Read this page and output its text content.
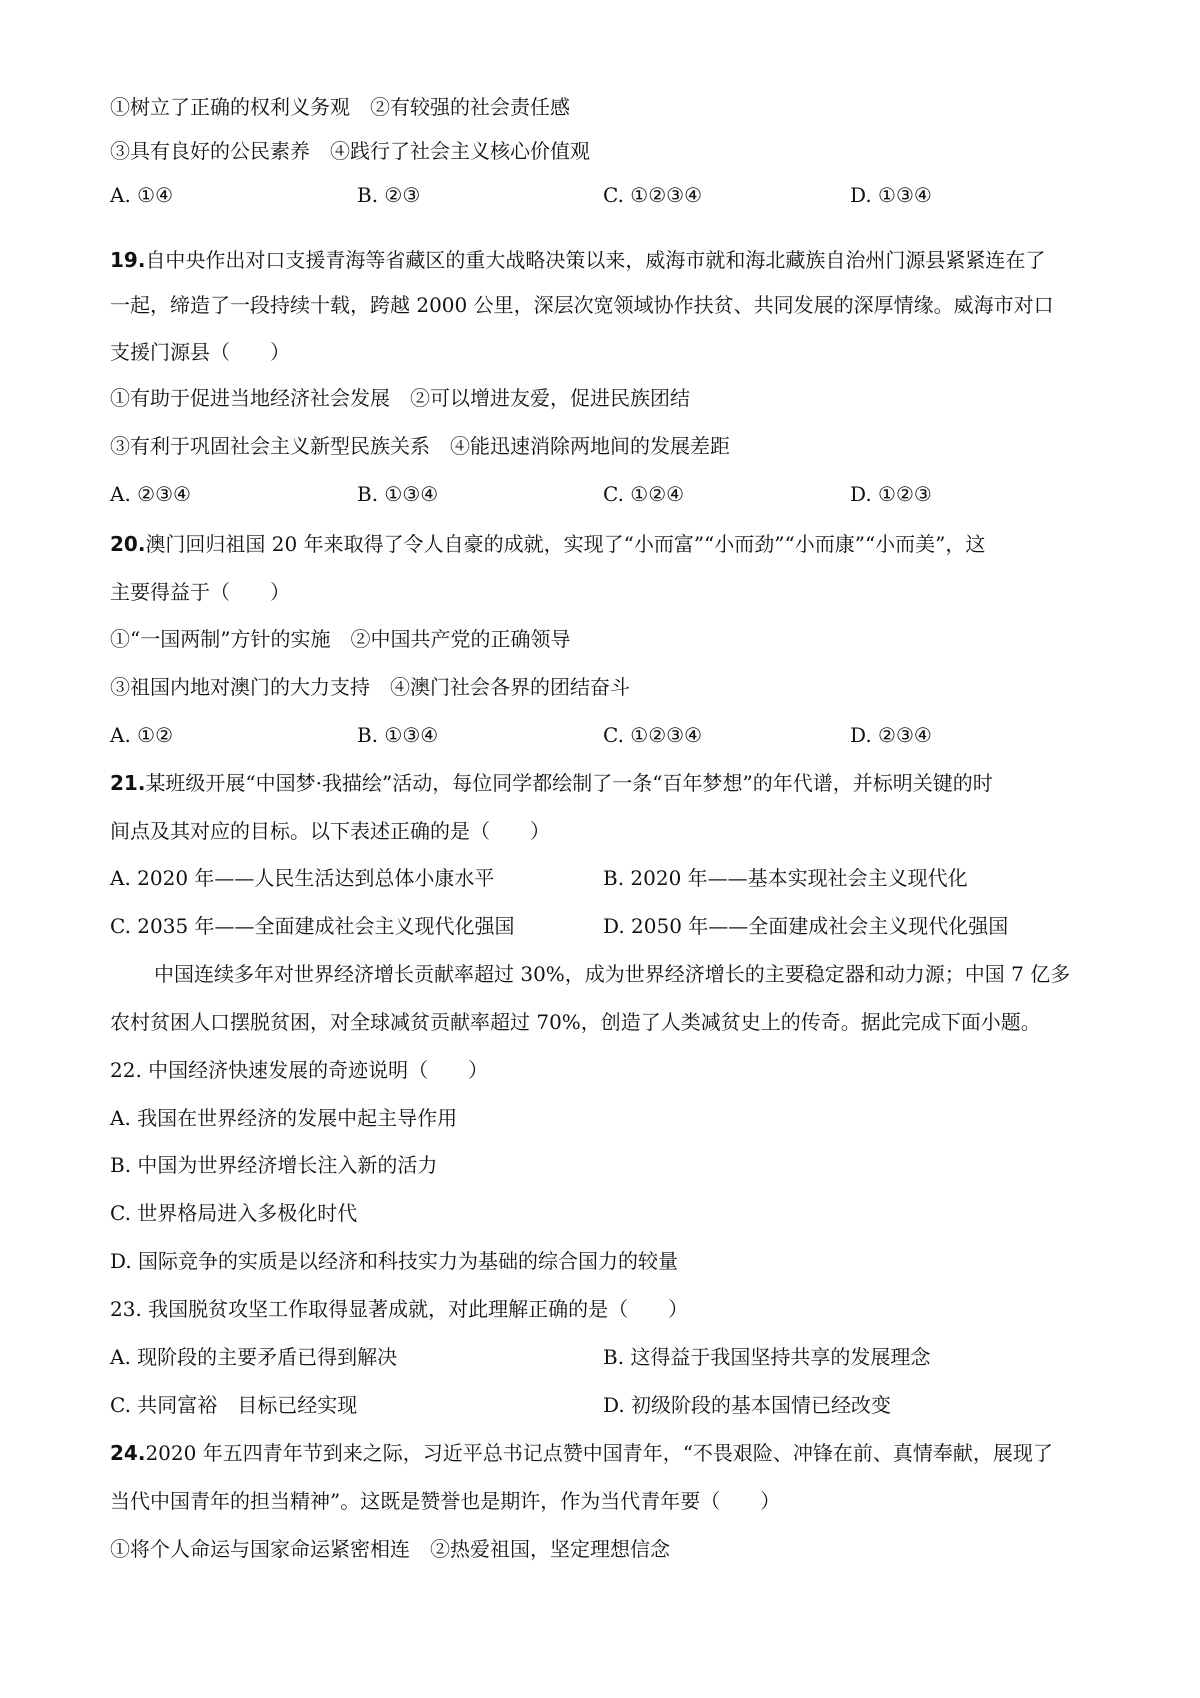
①树立了正确的权利义务观　②有较强的社会责任感
③具有良好的公民素养　④践行了社会主义核心价值观
A. ①④	B. ②③	C. ①②③④	D. ①③④
19.自中央作出对口支援青海等省藏区的重大战略决策以来，威海市就和海北藏族自治州门源县紧紧连在了
一起，缔造了一段持续十载，跨越 2000 公里，深层次宽领域协作扶贫、共同发展的深厚情缘。威海市对口
支援门源县（　　）
①有助于促进当地经济社会发展　②可以增进友爱，促进民族团结
③有利于巩固社会主义新型民族关系　④能迅速消除两地间的发展差距
A. ②③④	B. ①③④	C. ①②④	D. ①②③
20.澳门回归祖国 20 年来取得了令人自豪的成就，实现了“小而富”“小而劲”“小而康”“小而美”，这
主要得益于（　　）
①“一国两制”方针的实施　②中国共产党的正确领导
③祖国内地对澳门的大力支持　④澳门社会各界的团结奋斗
A. ①②	B. ①③④	C. ①②③④	D. ②③④
21.某班级开展“中国梦·我描绘”活动，每位同学都绘制了一条“百年梦想”的年代谱，并标明关键的时
间点及其对应的目标。以下表述正确的是（　　）
A. 2020 年——人民生活达到总体小康水平	B. 2020 年——基本实现社会主义现代化
C. 2035 年——全面建成社会主义现代化强国	D. 2050 年——全面建成社会主义现代化强国
中国连续多年对世界经济增长贡献率超过 30%，成为世界经济增长的主要稳定器和动力源；中国 7 亿多
农村贫困人口摆脱贫困，对全球减贫贡献率超过 70%，创造了人类减贫史上的传奇。据此完成下面小题。
22. 中国经济快速发展的奇迹说明（　　）
A. 我国在世界经济的发展中起主导作用
B. 中国为世界经济增长注入新的活力
C. 世界格局进入多极化时代
D. 国际竞争的实质是以经济和科技实力为基础的综合国力的较量
23. 我国脱贫攻坚工作取得显著成就，对此理解正确的是（　　）
A. 现阶段的主要矛盾已得到解决	B. 这得益于我国坚持共享的发展理念
C. 共同富裕　目标已经实现	D. 初级阶段的基本国情已经改变
24.2020 年五四青年节到来之际，习近平总书记点赞中国青年，“不畏艰险、冲锋在前、真情奉献，展现了
当代中国青年的担当精神”。这既是赞誉也是期许，作为当代青年要（　　）
①将个人命运与国家命运紧密相连　②热爱祖国，坚定理想信念
